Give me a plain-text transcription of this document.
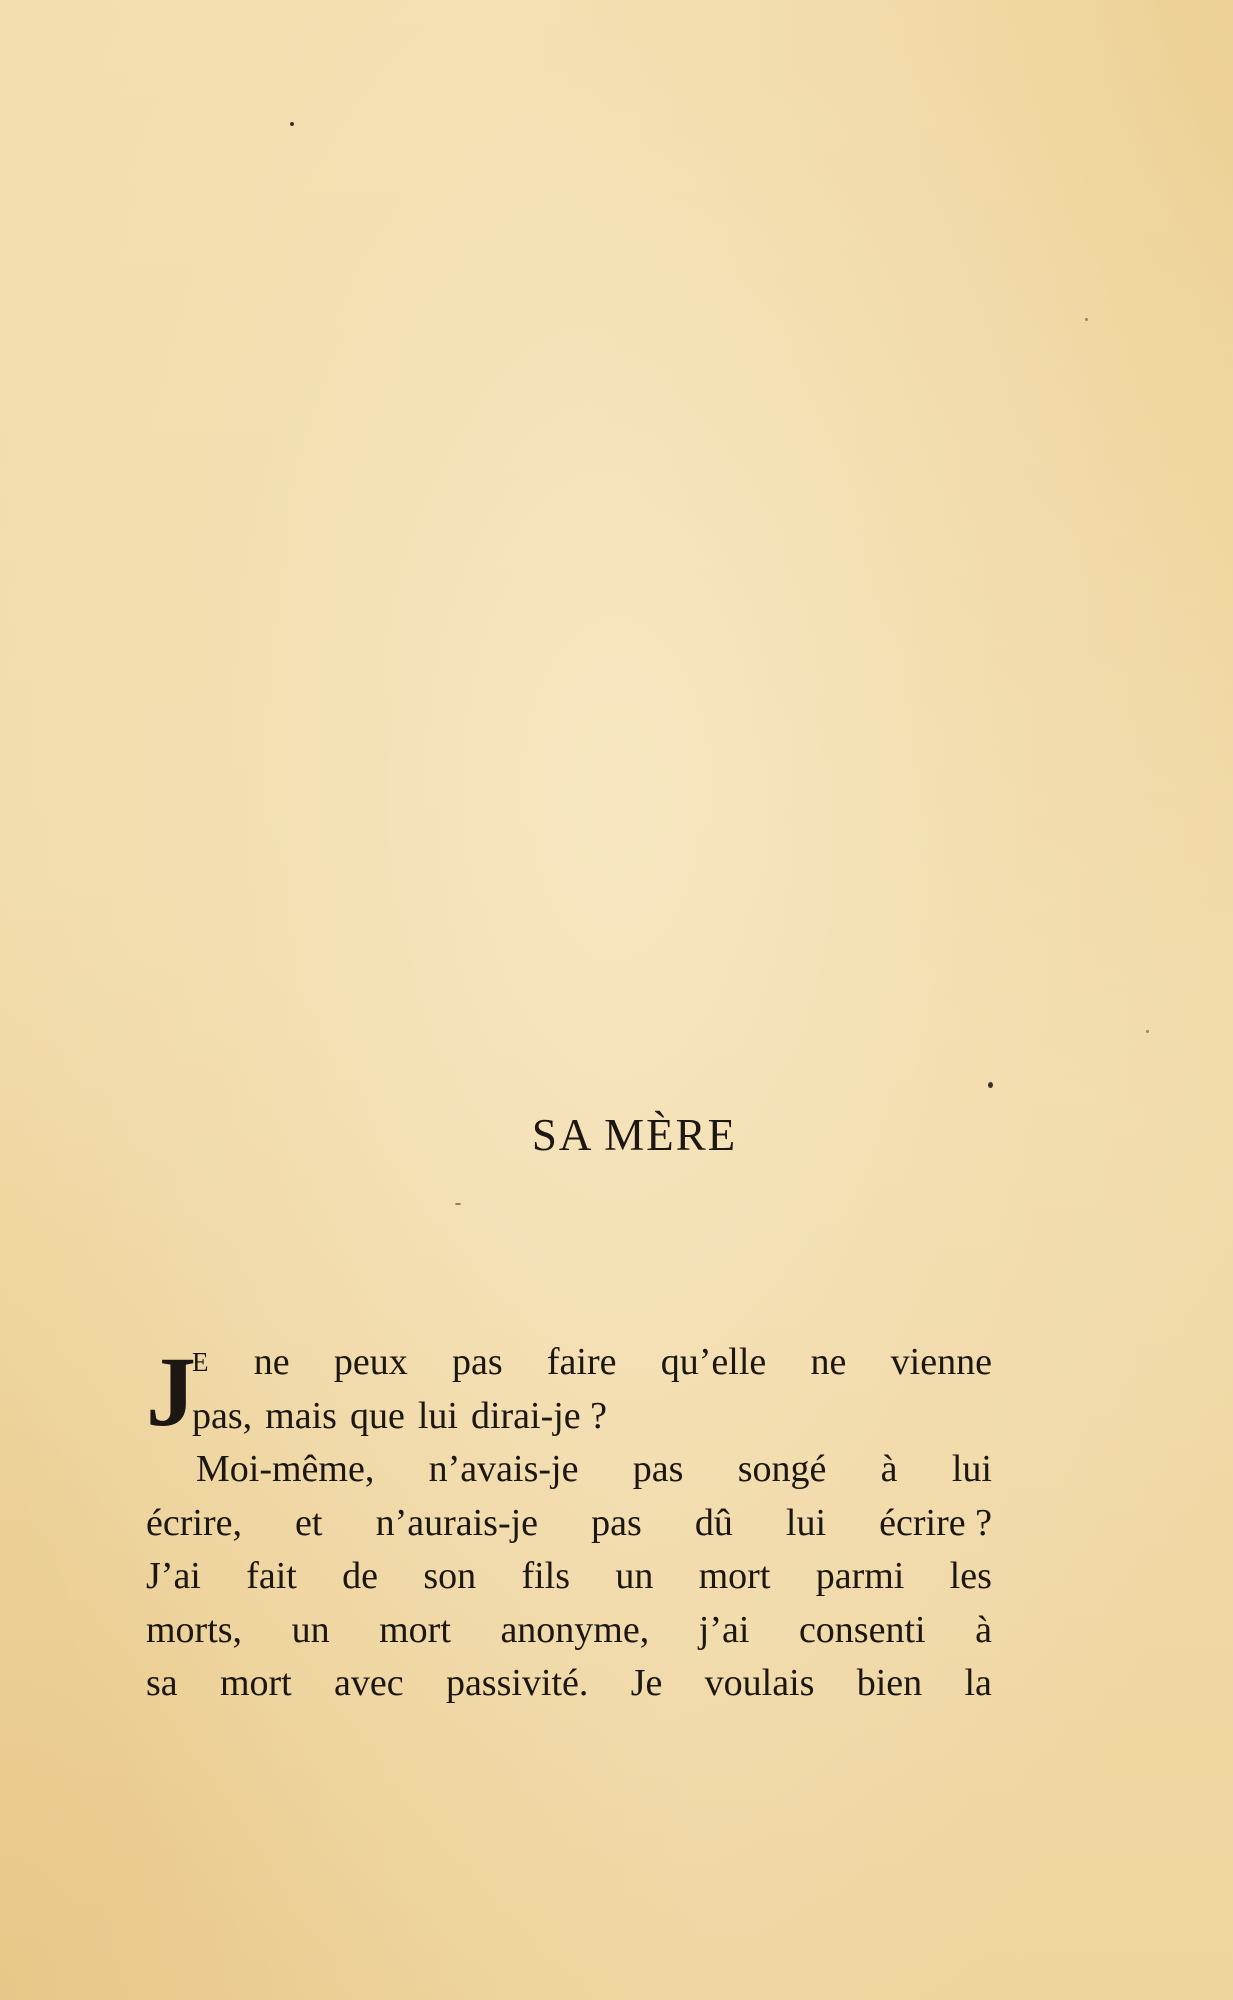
SA MÈRE
J
E ne peux pas faire qu’elle ne vienne
pas, mais que lui dirai-je ?
Moi-même, n’avais-je pas songé à lui
écrire, et n’aurais-je pas dû lui écrire ?
J’ai fait de son fils un mort parmi les
morts, un mort anonyme, j’ai consenti à
sa mort avec passivité. Je voulais bien la
